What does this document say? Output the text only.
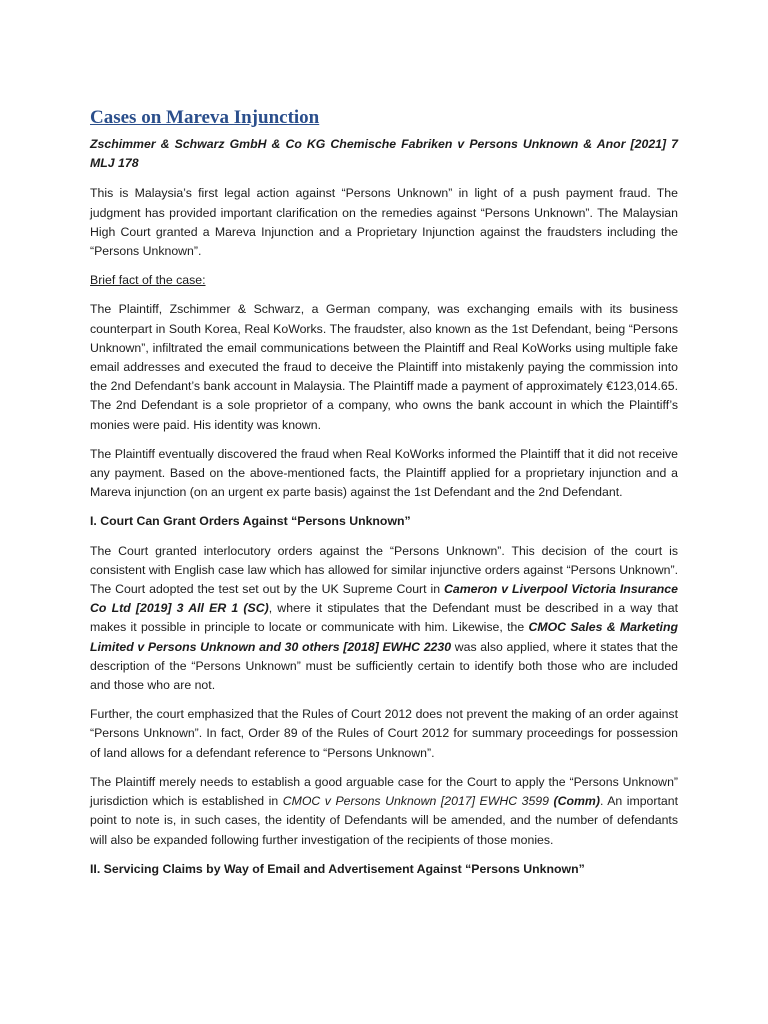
Cases on Mareva Injunction

Zschimmer & Schwarz GmbH & Co KG Chemische Fabriken v Persons Unknown & Anor [2021] 7 MLJ 178

This is Malaysia’s first legal action against “Persons Unknown” in light of a push payment fraud. The judgment has provided important clarification on the remedies against “Persons Unknown”. The Malaysian High Court granted a Mareva Injunction and a Proprietary Injunction against the fraudsters including the “Persons Unknown”.

Brief fact of the case:

The Plaintiff, Zschimmer & Schwarz, a German company, was exchanging emails with its business counterpart in South Korea, Real KoWorks. The fraudster, also known as the 1st Defendant, being “Persons Unknown”, infiltrated the email communications between the Plaintiff and Real KoWorks using multiple fake email addresses and executed the fraud to deceive the Plaintiff into mistakenly paying the commission into the 2nd Defendant’s bank account in Malaysia. The Plaintiff made a payment of approximately €123,014.65. The 2nd Defendant is a sole proprietor of a company, who owns the bank account in which the Plaintiff’s monies were paid. His identity was known.

The Plaintiff eventually discovered the fraud when Real KoWorks informed the Plaintiff that it did not receive any payment. Based on the above-mentioned facts, the Plaintiff applied for a proprietary injunction and a Mareva injunction (on an urgent ex parte basis) against the 1st Defendant and the 2nd Defendant.

I. Court Can Grant Orders Against “Persons Unknown”

The Court granted interlocutory orders against the “Persons Unknown”. This decision of the court is consistent with English case law which has allowed for similar injunctive orders against “Persons Unknown”. The Court adopted the test set out by the UK Supreme Court in Cameron v Liverpool Victoria Insurance Co Ltd [2019] 3 All ER 1 (SC), where it stipulates that the Defendant must be described in a way that makes it possible in principle to locate or communicate with him. Likewise, the CMOC Sales & Marketing Limited v Persons Unknown and 30 others [2018] EWHC 2230 was also applied, where it states that the description of the “Persons Unknown” must be sufficiently certain to identify both those who are included and those who are not.

Further, the court emphasized that the Rules of Court 2012 does not prevent the making of an order against “Persons Unknown”. In fact, Order 89 of the Rules of Court 2012 for summary proceedings for possession of land allows for a defendant reference to “Persons Unknown”.

The Plaintiff merely needs to establish a good arguable case for the Court to apply the “Persons Unknown” jurisdiction which is established in CMOC v Persons Unknown [2017] EWHC 3599 (Comm). An important point to note is, in such cases, the identity of Defendants will be amended, and the number of defendants will also be expanded following further investigation of the recipients of those monies.

II. Servicing Claims by Way of Email and Advertisement Against “Persons Unknown”
